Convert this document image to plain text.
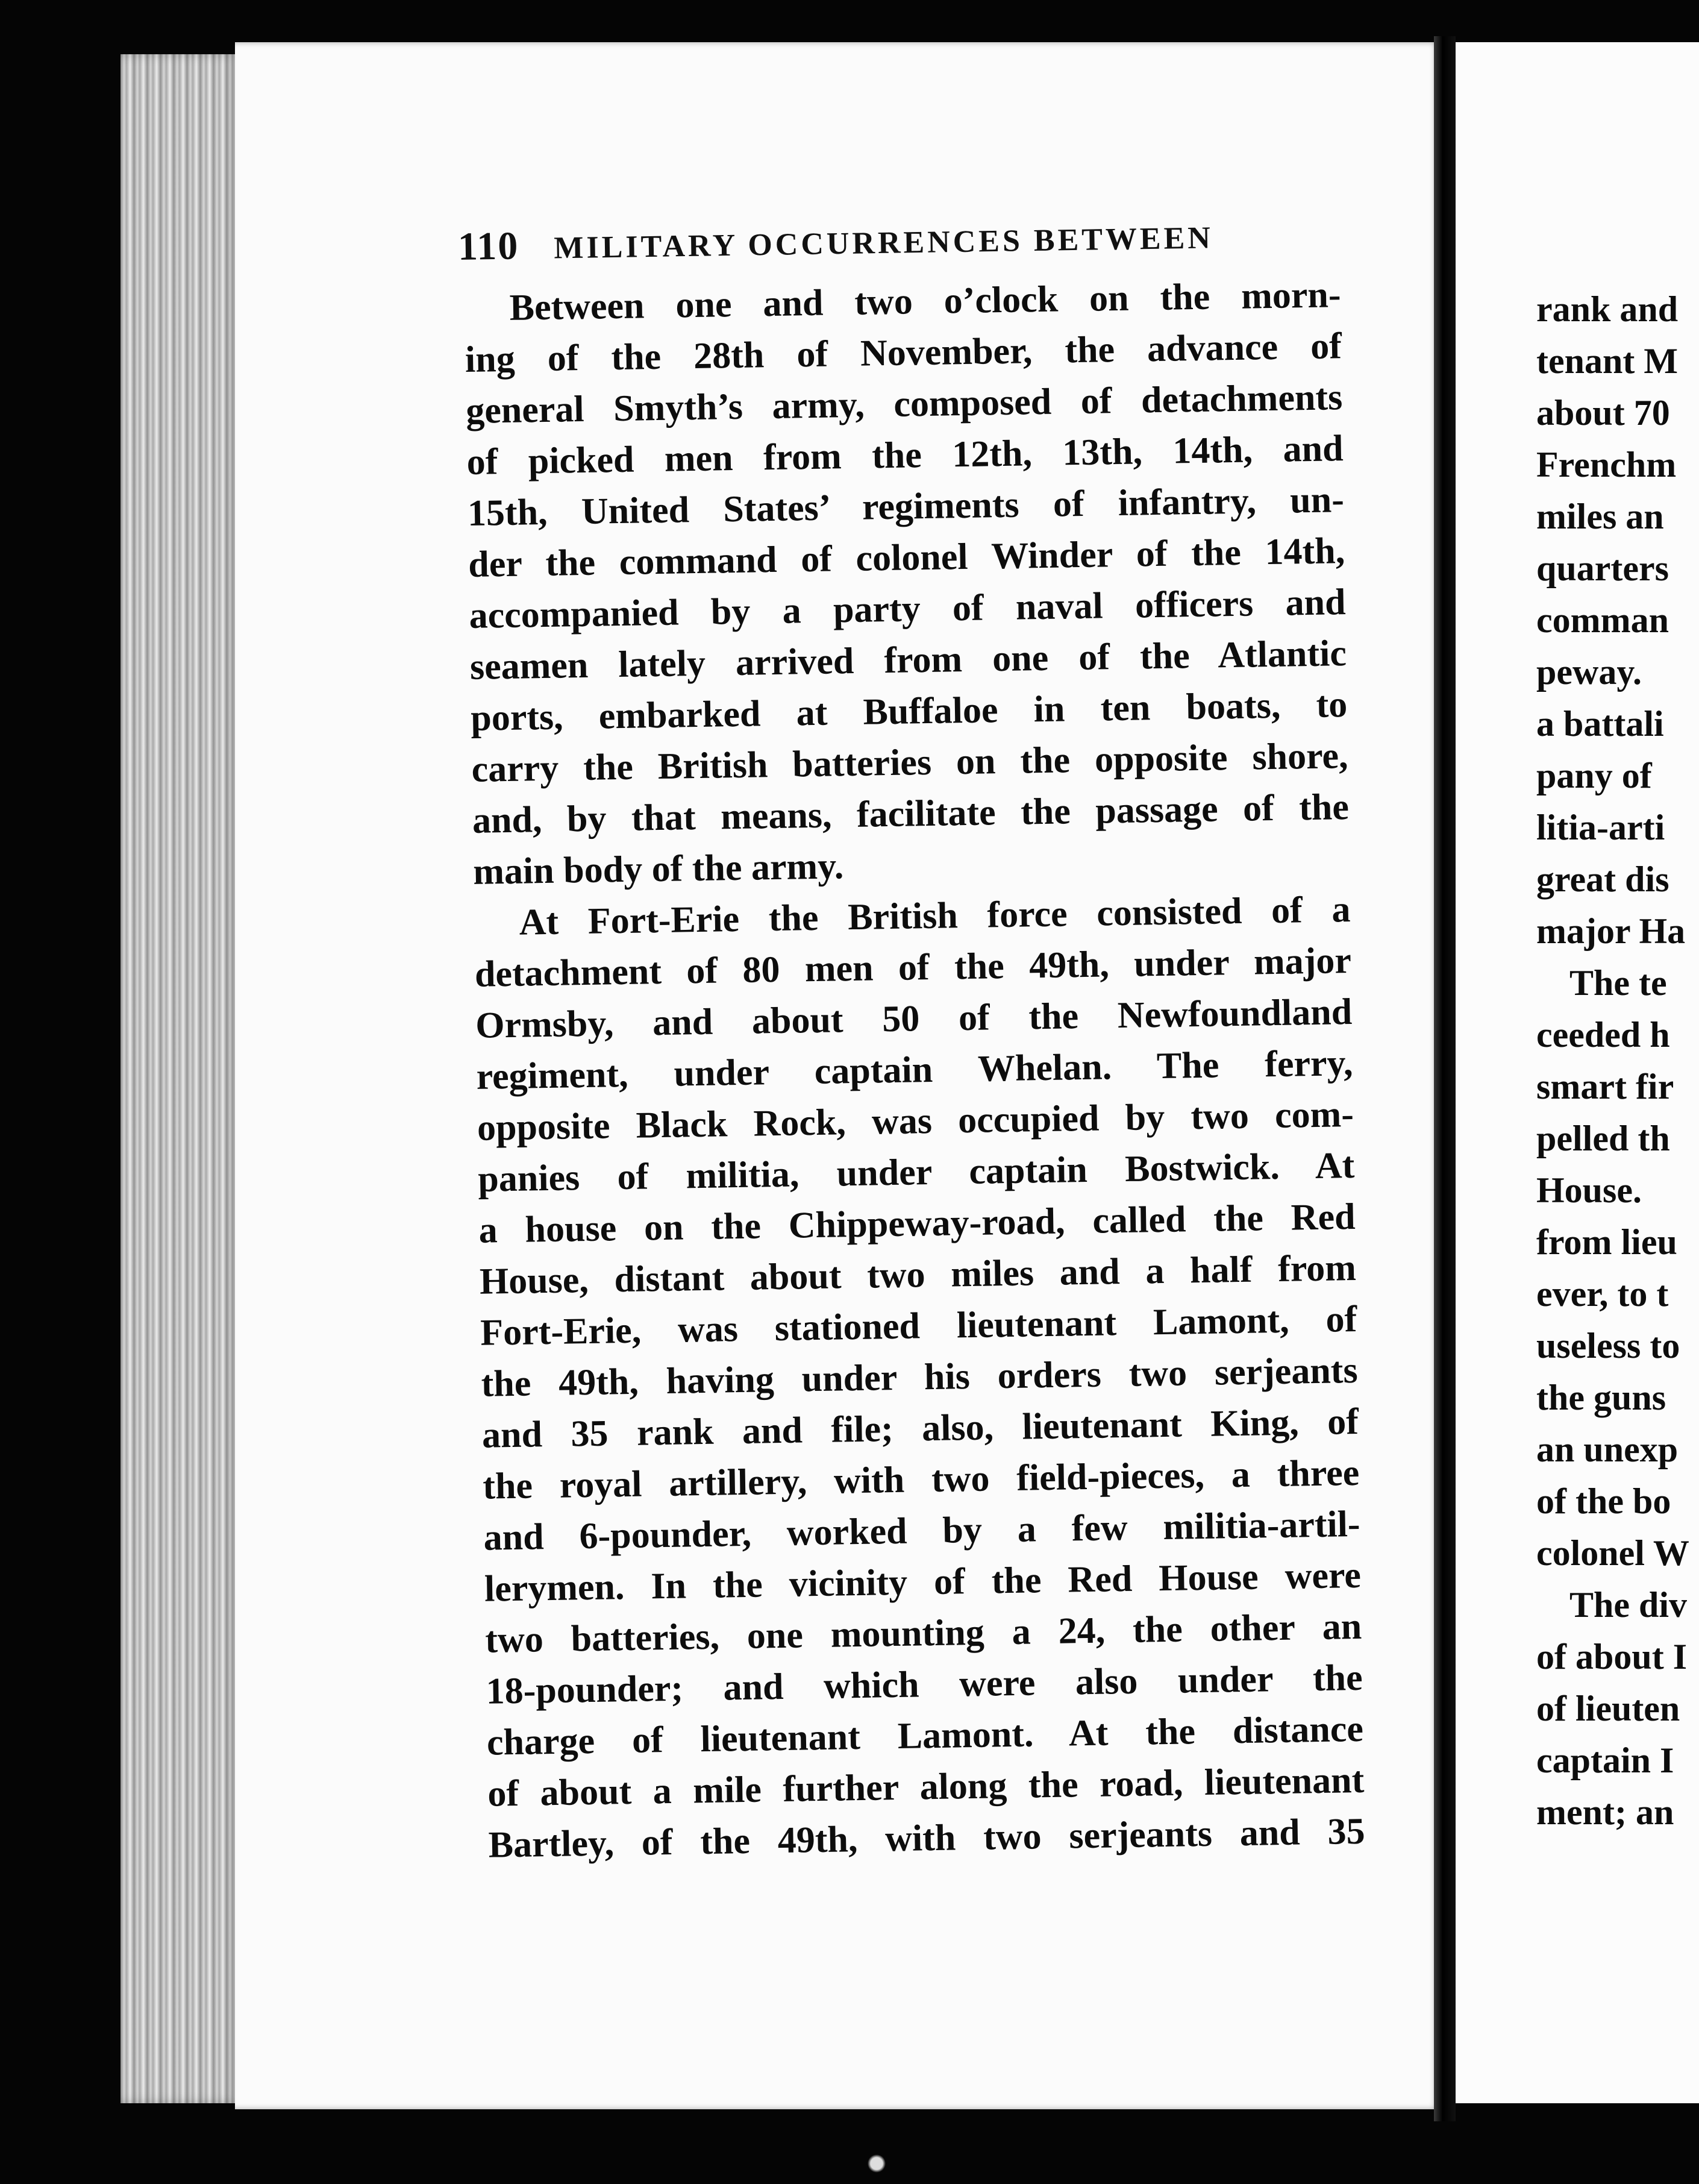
110 MILITARY OCCURRENCES BETWEEN
Between one and two o’clock on the morn-
ing of the 28th of November, the advance of
general Smyth’s army, composed of detachments
of picked men from the 12th, 13th, 14th, and
15th, United States’ regiments of infantry, un-
der the command of colonel Winder of the 14th,
accompanied by a party of naval officers and
seamen lately arrived from one of the Atlantic
ports, embarked at Buffaloe in ten boats, to
carry the British batteries on the opposite shore,
and, by that means, facilitate the passage of the
main body of the army.
At Fort-Erie the British force consisted of a
detachment of 80 men of the 49th, under major
Ormsby, and about 50 of the Newfoundland
regiment, under captain Whelan. The ferry,
opposite Black Rock, was occupied by two com-
panies of militia, under captain Bostwick. At
a house on the Chippeway-road, called the Red
House, distant about two miles and a half from
Fort-Erie, was stationed lieutenant Lamont, of
the 49th, having under his orders two serjeants
and 35 rank and file; also, lieutenant King, of
the royal artillery, with two field-pieces, a three
and 6-pounder, worked by a few militia-artil-
lerymen. In the vicinity of the Red House were
two batteries, one mounting a 24, the other an
18-pounder; and which were also under the
charge of lieutenant Lamont. At the distance
of about a mile further along the road, lieutenant
Bartley, of the 49th, with two serjeants and 35
rank and
tenant M
about 70
Frenchm
miles an
quarters
comman
peway.
a battali
pany of
litia-arti
great dis
major Ha
The te
ceeded h
smart fir
pelled th
House.
from lieu
ever, to t
useless to
the guns
an unexp
of the bo
colonel W
The div
of about I
of lieuten
captain I
ment; an
